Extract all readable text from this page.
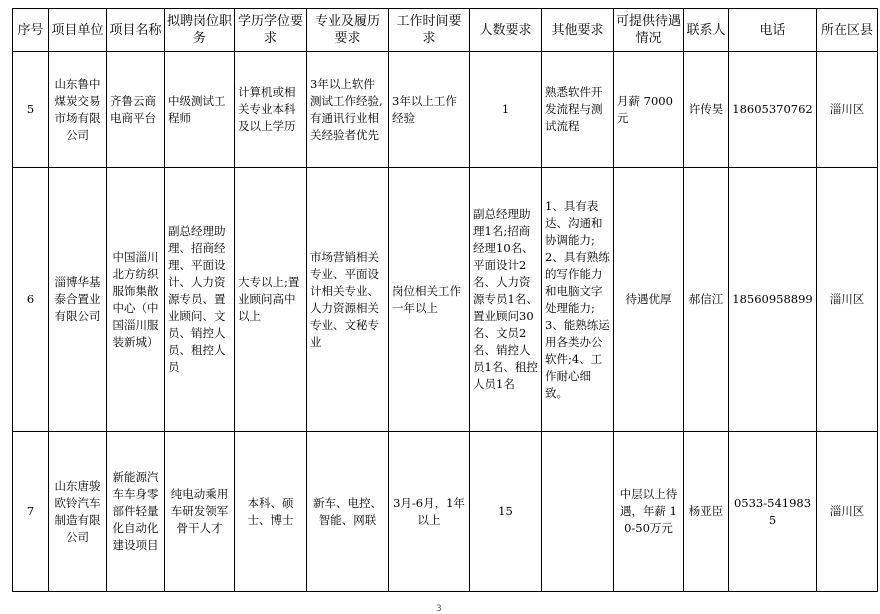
序号	项目单位	项目名称	拟聘岗位职务	学历学位要求	专业及履历要求	工作时间要求	人数要求	其他要求	可提供待遇情况	联系人	电话	所在区县
5	山东鲁中煤炭交易市场有限公司	齐鲁云商电商平台	中级测试工程师	计算机或相关专业本科及以上学历	3年以上软件测试工作经验,有通讯行业相关经验者优先	3年以上工作经验	1	熟悉软件开发流程与测试流程	月薪 7000元	许传昊	18605370762	淄川区
6	淄博华基泰合置业有限公司	中国淄川北方纺织服饰集散中心（中国淄川服装新城）	副总经理助理、招商经理、平面设计、人力资源专员、置业顾问、文员、销控人员、租控人员	大专以上;置业顾问高中以上	市场营销相关专业、平面设计相关专业、人力资源相关专业、文秘专业	岗位相关工作一年以上	副总经理助理1名;招商经理10名、平面设计2名、人力资源专员1名、置业顾问30名、文员2名、销控人员1名、租控人员1名	1、具有表达、沟通和协调能力;2、具有熟练的写作能力和电脑文字处理能力;3、能熟练运用各类办公软件;4、工作耐心细致。	待遇优厚	郝信江	18560958899	淄川区
7	山东唐骏欧铃汽车制造有限公司	新能源汽车车身零部件轻量化自动化建设项目	纯电动乘用车研发领军骨干人才	本科、硕士、博士	新车、电控、智能、网联	3月-6月，1年以上	15		中层以上待遇，年薪 10-50万元	杨亚臣	0533-5419835	淄川区
3
